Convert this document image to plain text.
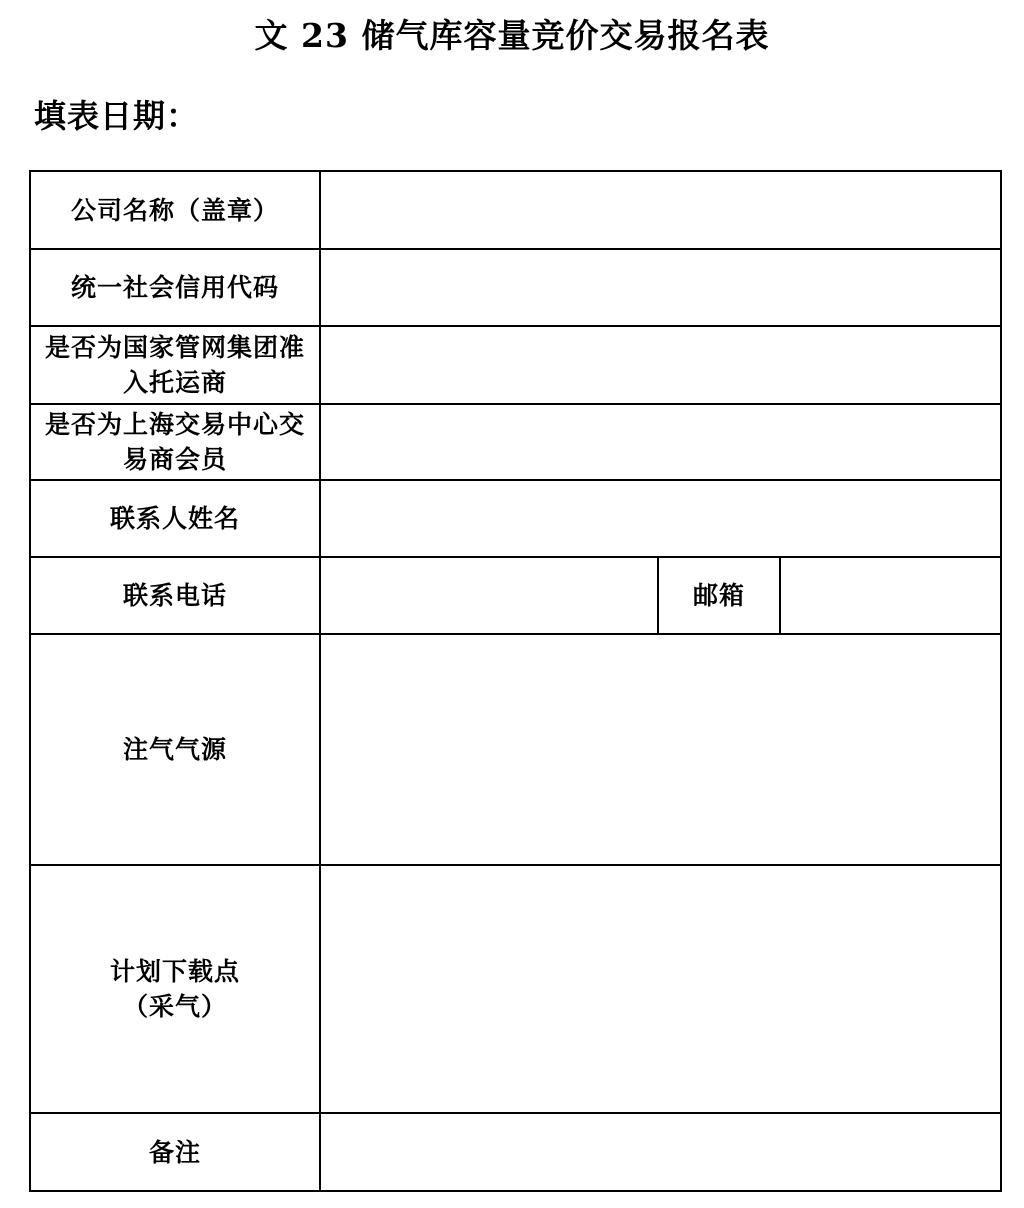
文 23 储气库容量竞价交易报名表
填表日期：
公司名称（盖章）			
统一社会信用代码			

是否为国家管网集团准
入托运商			

是否为上海交易中心交
易商会员			

联系人姓名			
联系电话		邮箱	
注气气源			

计划下载点
（采气）			

备注			
